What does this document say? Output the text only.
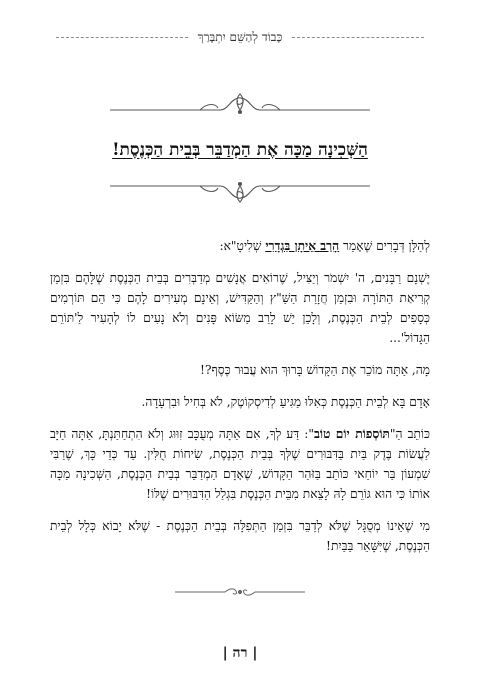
כָּבוֹד לְהַשֵּׁם יִתְבָּרַךְ
הַשְּׁכִינָה מַכָּה אֶת הַמְדַבֵּר בְּבֵית הַכְּנֶסֶת!

לְהַלָּן דְּבָרִים שֶׁאָמַר הָרַב אֵיתָן בִּגְדָרִי שְׁלִיטָ"א:

יֶשְׁנָם רַבָּנִים, ה' יִשְׁמֹר וְיַצִּיל, שֶׁרוֹאִים אֲנָשִׁים מְדַבְּרִים בְּבֵית הַכְּנֶסֶת שֶׁלָּהֶם בִּזְמַן קְרִיאַת הַתּוֹרָה וּבִזְמַן חֲזָרַת הַשַּׁ"ץ וְהַקַּדִּישׁ, וְאֵינָם מְעִירִים לָהֶם כִּי הֵם תּוֹרְמִים כְּסָפִים לְבֵית הַכְּנֶסֶת, וְלָכֵן יֵשׁ לָרַב מַשּׂוֹא פָּנִים וְלֹא נָעִים לוֹ לְהָעִיר לַ'תּוֹרֵם הַגָּדוֹל'...

מָה, אַתָּה מוֹכֵר אֶת הַקָּדוֹשׁ בָּרוּךְ הוּא עֲבוּר כֶּסֶף?!

אָדָם בָּא לְבֵית הַכְּנֶסֶת כְּאִלּוּ מַגִּיעַ לְדִיסְקוֹטֶק, לֹא בְּחִיל וּבִרְעָדָה.

כּוֹתֵב הַ"תּוֹסְפוֹת יוֹם טוֹב": דַּע לְךָ, אִם אַתָּה מְעֻכָּב זִוּוּג וְלֹא הִתְחַתַּנְתָּ, אַתָּה חַיָּב לַעֲשׂוֹת בֶּדֶק בַּיִת בַּדִּבּוּרִים שֶׁלְּךָ בְּבֵית הַכְּנֶסֶת, שִׂיחוֹת חֻלִּין. עַד כְּדֵי כָּךְ, שֶׁרַבִּי שִׁמְעוֹן בַּר יוֹחַאי כּוֹתֵב בַּזֹּהַר הַקָּדוֹשׁ, שֶׁאָדָם הַמְדַבֵּר בְּבֵית הַכְּנֶסֶת, הַשְּׁכִינָה מַכָּה אוֹתוֹ כִּי הוּא גּוֹרֵם לָהּ לָצֵאת מִבֵּית הַכְּנֶסֶת בִּגְלַל הַדִּבּוּרִים שֶׁלּוֹ!

מִי שֶׁאֵינוֹ מְסֻגָּל שֶׁלֹּא לְדַבֵּר בִּזְמַן הַתְּפִלָּה בְּבֵית הַכְּנֶסֶת - שֶׁלֹּא יָבוֹא כְּלָל לְבֵית הַכְּנֶסֶת, שֶׁיִּשָּׁאֵר בַּבַּיִת!

| רה |
